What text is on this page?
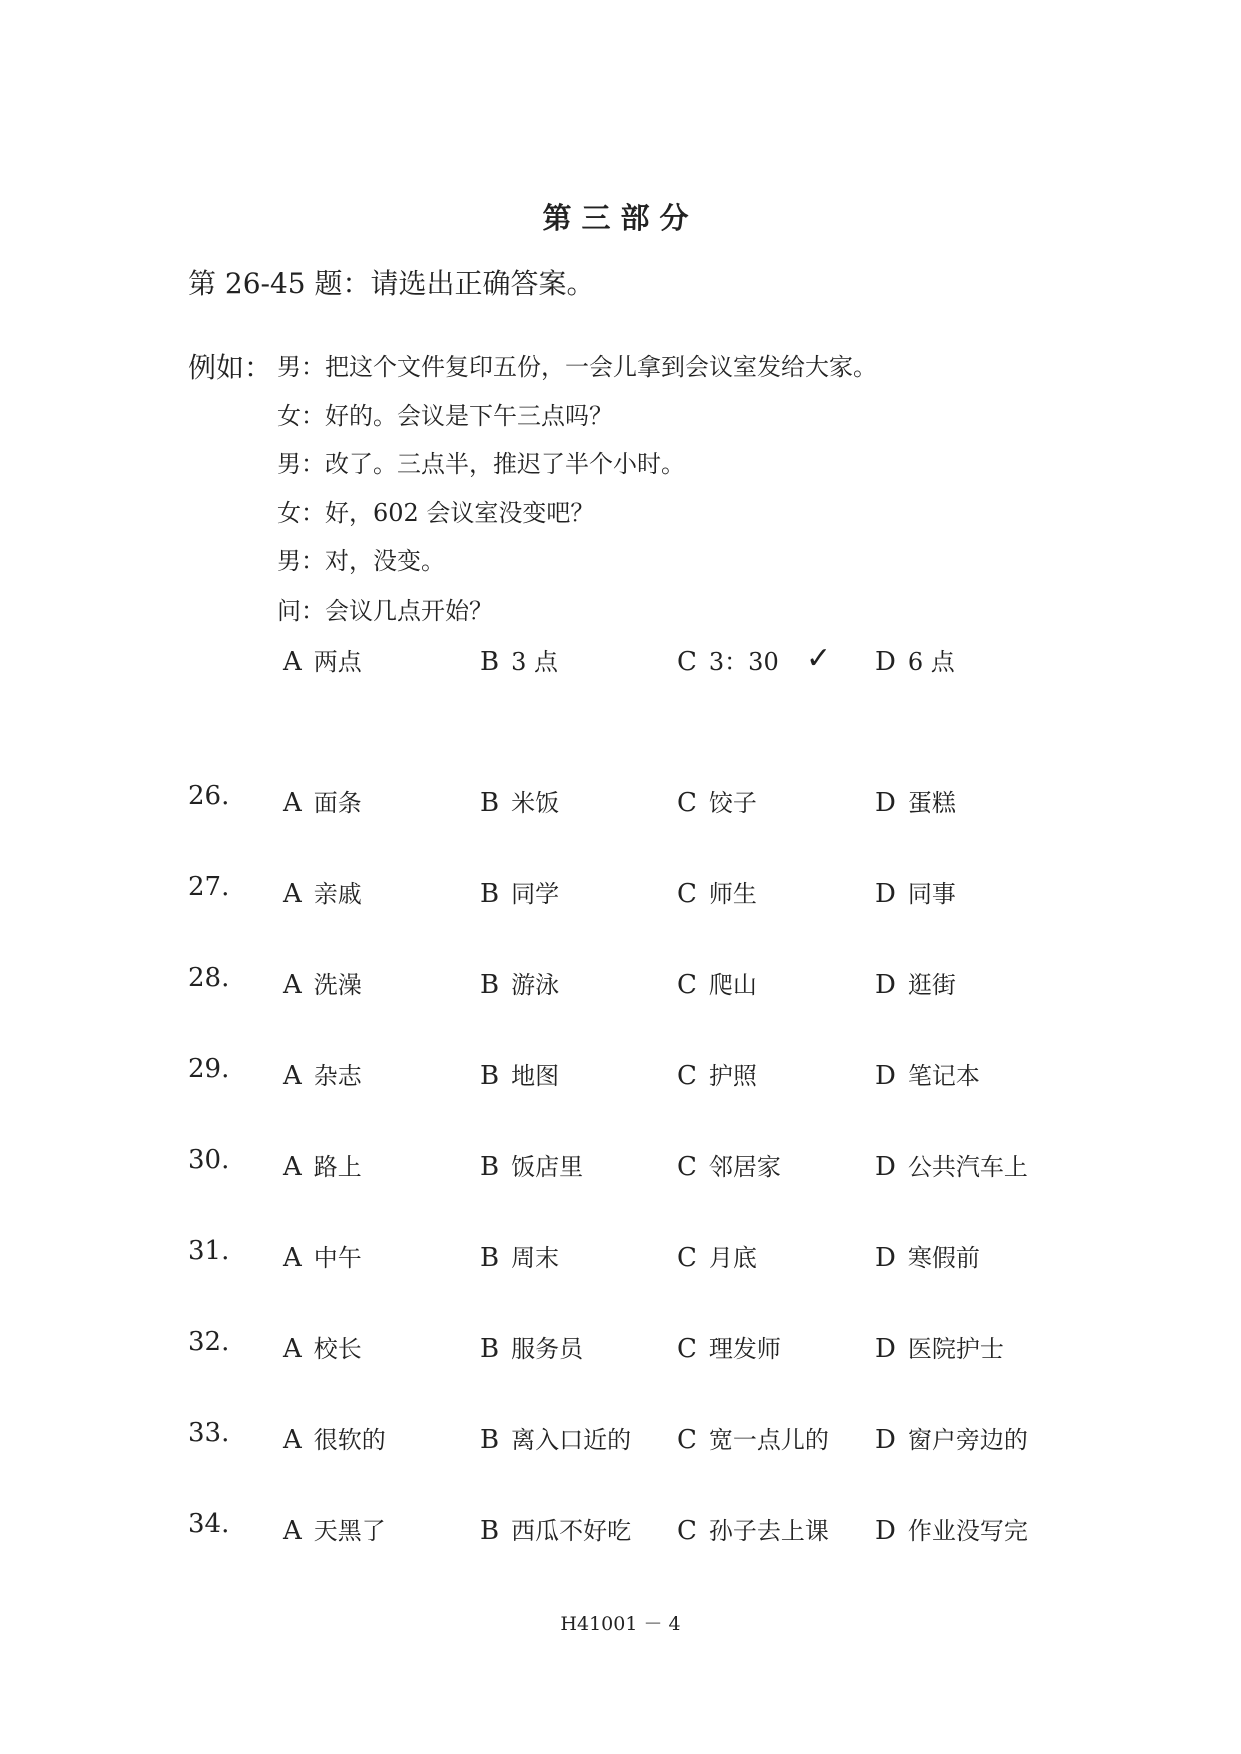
第三部分
第 26-45 题：请选出正确答案。
例如： 男：把这个文件复印五份，一会儿拿到会议室发给大家。
女：好的。会议是下午三点吗？
男：改了。三点半，推迟了半个小时。
女：好，602 会议室没变吧？
男：对，没变。
问：会议几点开始？
A 两点	B 3 点	C 3：30 ✓ D 6 点
26. A 面条	B 米饭	C 饺子	D 蛋糕
27. A 亲戚	B 同学	C 师生	D 同事
28. A 洗澡	B 游泳	C 爬山	D 逛街
29. A 杂志	B 地图	C 护照	D 笔记本
30. A 路上	B 饭店里	C 邻居家	D 公共汽车上
31. A 中午	B 周末	C 月底	D 寒假前
32. A 校长	B 服务员	C 理发师	D 医院护士
33. A 很软的	B 离入口近的 C 宽一点儿的 D 窗户旁边的
34. A 天黑了	B 西瓜不好吃 C 孙子去上课 D 作业没写完
H41001 － 4
